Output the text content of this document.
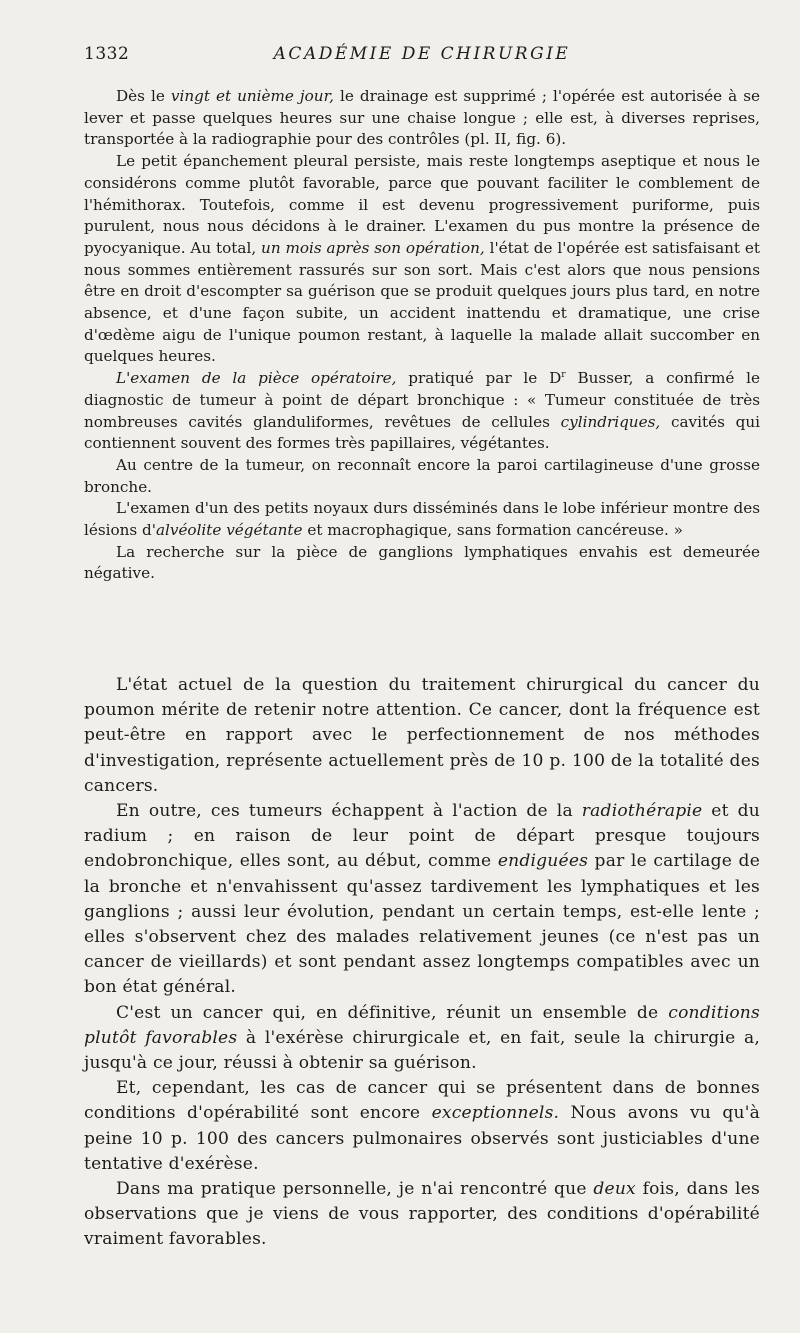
1332	ACADÉMIE DE CHIRURGIE

Dès le vingt et unième jour, le drainage est supprimé ; l'opérée est autorisée à se lever et passe quelques heures sur une chaise longue ; elle est, à diverses reprises, transportée à la radiographie pour des contrôles (pl. II, fig. 6).

Le petit épanchement pleural persiste, mais reste longtemps aseptique et nous le considérons comme plutôt favorable, parce que pouvant faciliter le comblement de l'hémithorax. Toutefois, comme il est devenu progressivement puriforme, puis purulent, nous nous décidons à le drainer. L'examen du pus montre la présence de pyocyanique. Au total, un mois après son opération, l'état de l'opérée est satisfaisant et nous sommes entièrement rassurés sur son sort. Mais c'est alors que nous pensions être en droit d'escompter sa guérison que se produit quelques jours plus tard, en notre absence, et d'une façon subite, un accident inattendu et dramatique, une crise d'œdème aigu de l'unique poumon restant, à laquelle la malade allait succomber en quelques heures.

L'examen de la pièce opératoire, pratiqué par le $D^r$ Busser, a confirmé le diagnostic de tumeur à point de départ bronchique : « Tumeur constituée de très nombreuses cavités glanduliformes, revêtues de cellules cylindriques, cavités qui contiennent souvent des formes très papillaires, végétantes.

Au centre de la tumeur, on reconnaît encore la paroi cartilagineuse d'une grosse bronche.

L'examen d'un des petits noyaux durs disséminés dans le lobe inférieur montre des lésions d'alvéolite végétante et macrophagique, sans formation cancéreuse. »

La recherche sur la pièce de ganglions lymphatiques envahis est demeurée négative.

L'état actuel de la question du traitement chirurgical du cancer du poumon mérite de retenir notre attention. Ce cancer, dont la fréquence est peut-être en rapport avec le perfectionnement de nos méthodes d'investigation, représente actuellement près de 10 p. 100 de la totalité des cancers.

En outre, ces tumeurs échappent à l'action de la radiothérapie et du radium ; en raison de leur point de départ presque toujours endobronchique, elles sont, au début, comme endiguées par le cartilage de la bronche et n'envahissent qu'assez tardivement les lymphatiques et les ganglions ; aussi leur évolution, pendant un certain temps, est-elle lente ; elles s'observent chez des malades relativement jeunes (ce n'est pas un cancer de vieillards) et sont pendant assez longtemps compatibles avec un bon état général.

C'est un cancer qui, en définitive, réunit un ensemble de conditions plutôt favorables à l'exérèse chirurgicale et, en fait, seule la chirurgie a, jusqu'à ce jour, réussi à obtenir sa guérison.

Et, cependant, les cas de cancer qui se présentent dans de bonnes conditions d'opérabilité sont encore exceptionnels. Nous avons vu qu'à peine 10 p. 100 des cancers pulmonaires observés sont justiciables d'une tentative d'exérèse.

Dans ma pratique personnelle, je n'ai rencontré que deux fois, dans les observations que je viens de vous rapporter, des conditions d'opérabilité vraiment favorables.
